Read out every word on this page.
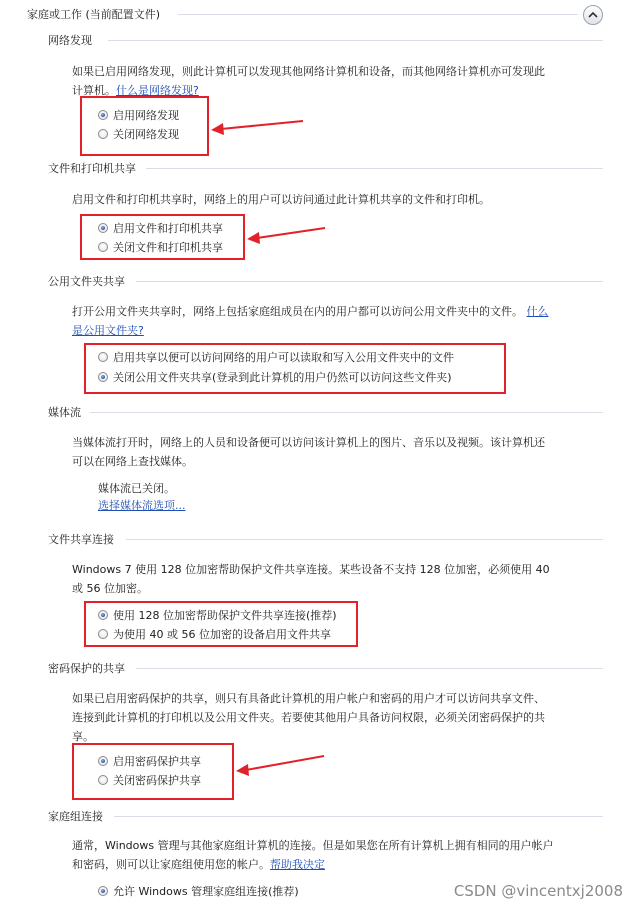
家庭或工作 (当前配置文件)
网络发现
如果已启用网络发现，则此计算机可以发现其他网络计算机和设备，而其他网络计算机亦可发现此
计算机。什么是网络发现?
启用网络发现
关闭网络发现
文件和打印机共享
启用文件和打印机共享时，网络上的用户可以访问通过此计算机共享的文件和打印机。
启用文件和打印机共享
关闭文件和打印机共享
公用文件夹共享
打开公用文件夹共享时，网络上包括家庭组成员在内的用户都可以访问公用文件夹中的文件。 什么
是公用文件夹?
启用共享以便可以访问网络的用户可以读取和写入公用文件夹中的文件
关闭公用文件夹共享(登录到此计算机的用户仍然可以访问这些文件夹)
媒体流
当媒体流打开时，网络上的人员和设备便可以访问该计算机上的图片、音乐以及视频。该计算机还
可以在网络上查找媒体。
媒体流已关闭。
选择媒体流选项...
文件共享连接
Windows 7 使用 128 位加密帮助保护文件共享连接。某些设备不支持 128 位加密，必须使用 40
或 56 位加密。
使用 128 位加密帮助保护文件共享连接(推荐)
为使用 40 或 56 位加密的设备启用文件共享
密码保护的共享
如果已启用密码保护的共享，则只有具备此计算机的用户帐户和密码的用户才可以访问共享文件、
连接到此计算机的打印机以及公用文件夹。若要使其他用户具备访问权限，必须关闭密码保护的共
享。
启用密码保护共享
关闭密码保护共享
家庭组连接
通常，Windows 管理与其他家庭组计算机的连接。但是如果您在所有计算机上拥有相同的用户帐户
和密码，则可以让家庭组使用您的帐户。帮助我决定
允许 Windows 管理家庭组连接(推荐)	CSDN @vincentxj2008
